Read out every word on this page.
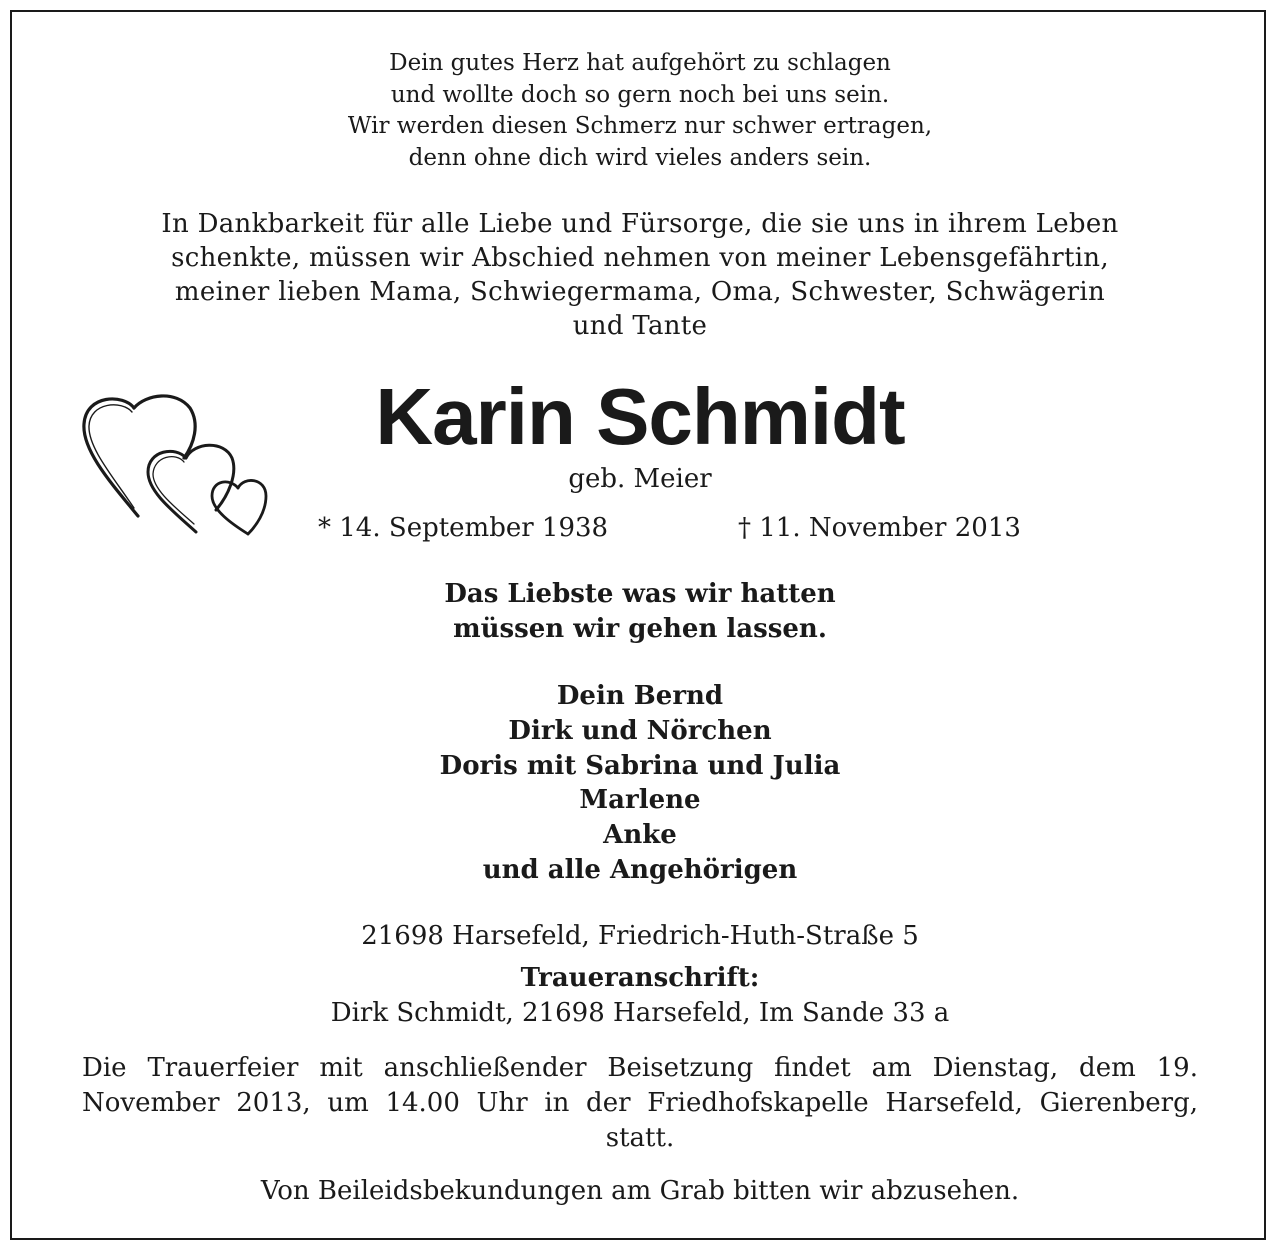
Dein gutes Herz hat aufgehört zu schlagen

und wollte doch so gern noch bei uns sein.

Wir werden diesen Schmerz nur schwer ertragen,

denn ohne dich wird vieles anders sein.

In Dankbarkeit für alle Liebe und Fürsorge, die sie uns in ihrem Leben

schenkte, müssen wir Abschied nehmen von meiner Lebensgefährtin,

meiner lieben Mama, Schwiegermama, Oma, Schwester, Schwägerin

und Tante

Karin Schmidt
geb. Meier
* 14. September 1938	† 11. November 2013

Das Liebste was wir hatten

müssen wir gehen lassen.

Dein Bernd

Dirk und Nörchen

Doris mit Sabrina und Julia

Marlene

Anke

und alle Angehörigen

21698 Harsefeld, Friedrich-Huth-Straße 5
Traueranschrift:
Dirk Schmidt, 21698 Harsefeld, Im Sande 33 a
Die Trauerfeier mit anschließender Beisetzung findet am Dienstag, dem 19. November 2013, um 14.00 Uhr in der Friedhofskapelle Harsefeld, Gierenberg, statt.
Von Beileidsbekundungen am Grab bitten wir abzusehen.
